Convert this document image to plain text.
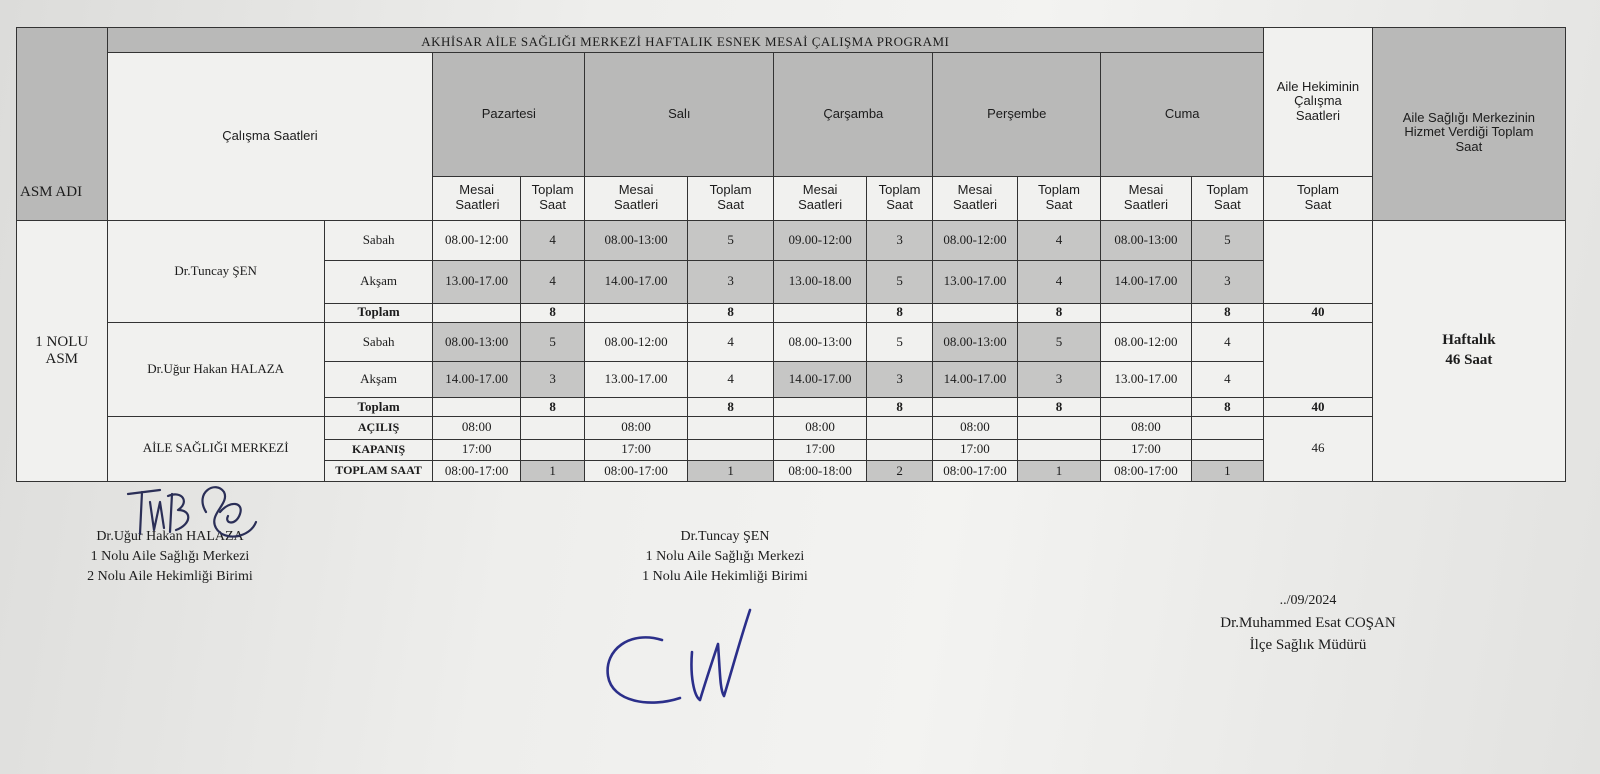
	AKHİSAR AİLE SAĞLIĞI MERKEZİ HAFTALIK ESNEK MESAİ ÇALIŞMA PROGRAMI												Aile Hekiminin Çalışma Saatleri	Aile Sağlığı Merkezinin Hizmet Verdiği Toplam Saat
	Çalışma Saatleri		Pazartesi		Salı		Çarşamba		Perşembe		Cuma			
			Mesai Saatleri	Toplam Saat	Mesai Saatleri	Toplam Saat	Mesai Saatleri	Toplam Saat	Mesai Saatleri	Toplam Saat	Mesai Saatleri	Toplam Saat	Toplam Saat	
1 NOLU ASM	Dr.Tuncay ŞEN	Sabah	08.00-12:00	4	08.00-13:00	5	09.00-12:00	3	08.00-12:00	4	08.00-13:00	5		Haftalık 46 Saat
		Akşam	13.00-17.00	4	14.00-17.00	3	13.00-18.00	5	13.00-17.00	4	14.00-17.00	3		
		Toplam		8		8		8		8		8	40	
	Dr.Uğur Hakan HALAZA	Sabah	08.00-13:00	5	08.00-12:00	4	08.00-13:00	5	08.00-13:00	5	08.00-12:00	4		
		Akşam	14.00-17.00	3	13.00-17.00	4	14.00-17.00	3	14.00-17.00	3	13.00-17.00	4		
		Toplam		8		8		8		8		8	40	
	AİLE SAĞLIĞI MERKEZİ	AÇILIŞ	08:00		08:00		08:00		08:00		08:00		46	
		KAPANIŞ	17:00		17:00		17:00		17:00		17:00			
		TOPLAM SAAT	08:00-17:00	1	08:00-17:00	1	08:00-18:00	2	08:00-17:00	1	08:00-17:00	1		
ASM ADI
Dr.Uğur Hakan HALAZA
1 Nolu Aile Sağlığı Merkezi
2 Nolu Aile Hekimliği Birimi
Dr.Tuncay ŞEN
1 Nolu Aile Sağlığı Merkezi
1 Nolu Aile Hekimliği Birimi
../09/2024
Dr.Muhammed Esat COŞAN
İlçe Sağlık Müdürü
